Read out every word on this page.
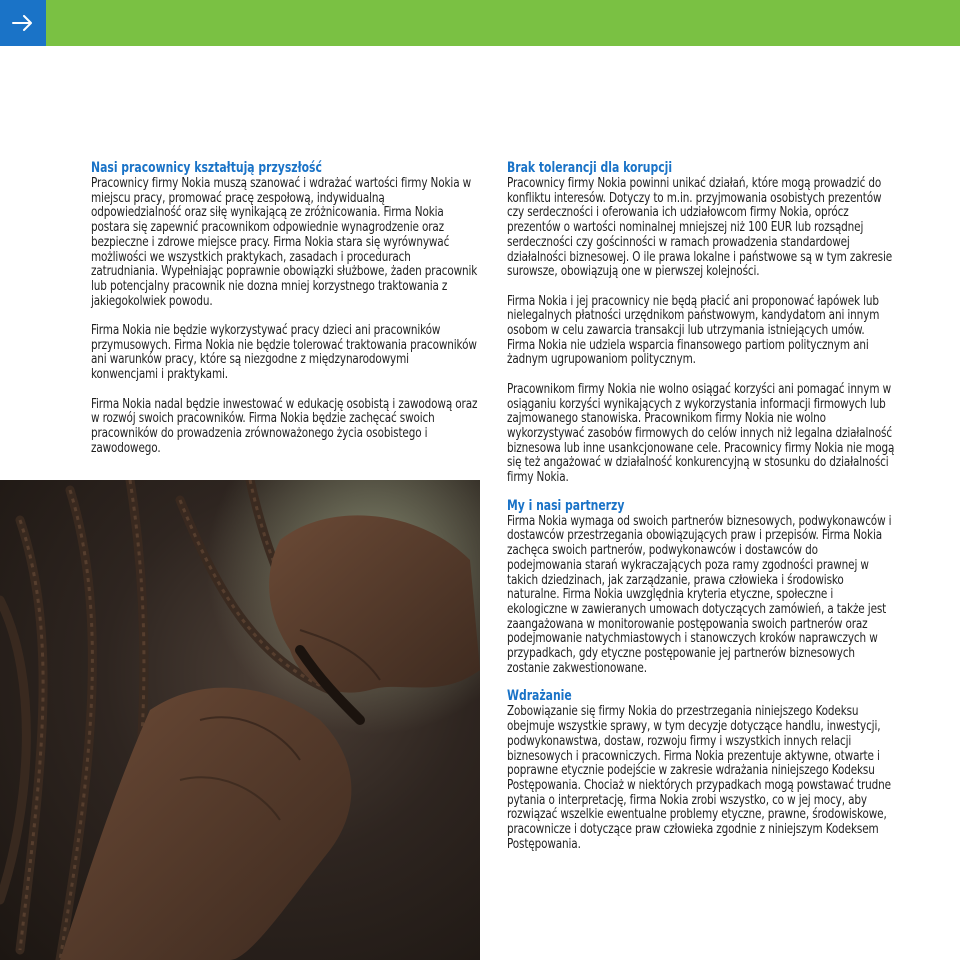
Nasi pracownicy kształtują przyszłość

Pracownicy firmy Nokia muszą szanować i wdrażać wartości firmy Nokia w miejscu pracy, promować pracę zespołową, indywidualną odpowiedzialność oraz siłę wynikającą ze zróżnicowania. Firma Nokia postara się zapewnić pracownikom odpowiednie wynagrodzenie oraz bezpieczne i zdrowe miejsce pracy. Firma Nokia stara się wyrównywać możliwości we wszystkich praktykach, zasadach i procedurach zatrudniania. Wypełniając poprawnie obowiązki służbowe, żaden pracownik lub potencjalny pracownik nie dozna mniej korzystnego traktowania z jakiegokolwiek powodu.

Firma Nokia nie będzie wykorzystywać pracy dzieci ani pracowników przymusowych. Firma Nokia nie będzie tolerować traktowania pracowników ani warunków pracy, które są niezgodne z międzynarodowymi konwencjami i praktykami.

Firma Nokia nadal będzie inwestować w edukację osobistą i zawodową oraz w rozwój swoich pracowników. Firma Nokia będzie zachęcać swoich pracowników do prowadzenia zrównoważonego życia osobistego i zawodowego.

Brak tolerancji dla korupcji

Pracownicy firmy Nokia powinni unikać działań, które mogą prowadzić do konfliktu interesów. Dotyczy to m.in. przyjmowania osobistych prezentów czy serdeczności i oferowania ich udziałowcom firmy Nokia, oprócz prezentów o wartości nominalnej mniejszej niż 100 EUR lub rozsądnej serdeczności czy gościnności w ramach prowadzenia standardowej działalności biznesowej. O ile prawa lokalne i państwowe są w tym zakresie surowsze, obowiązują one w pierwszej kolejności.

Firma Nokia i jej pracownicy nie będą płacić ani proponować łapówek lub nielegalnych płatności urzędnikom państwowym, kandydatom ani innym osobom w celu zawarcia transakcji lub utrzymania istniejących umów. Firma Nokia nie udziela wsparcia finansowego partiom politycznym ani żadnym ugrupowaniom politycznym.

Pracownikom firmy Nokia nie wolno osiągać korzyści ani pomagać innym w osiąganiu korzyści wynikających z wykorzystania informacji firmowych lub zajmowanego stanowiska. Pracownikom firmy Nokia nie wolno wykorzystywać zasobów firmowych do celów innych niż legalna działalność biznesowa lub inne usankcjonowane cele. Pracownicy firmy Nokia nie mogą się też angażować w działalność konkurencyjną w stosunku do działalności firmy Nokia.

My i nasi partnerzy

Firma Nokia wymaga od swoich partnerów biznesowych, podwykonawców i dostawców przestrzegania obowiązujących praw i przepisów. Firma Nokia zachęca swoich partnerów, podwykonawców i dostawców do podejmowania starań wykraczających poza ramy zgodności prawnej w takich dziedzinach, jak zarządzanie, prawa człowieka i środowisko naturalne. Firma Nokia uwzględnia kryteria etyczne, społeczne i ekologiczne w zawieranych umowach dotyczących zamówień, a także jest zaangażowana w monitorowanie postępowania swoich partnerów oraz podejmowanie natychmiastowych i stanowczych kroków naprawczych w przypadkach, gdy etyczne postępowanie jej partnerów biznesowych zostanie zakwestionowane.

Wdrażanie

Zobowiązanie się firmy Nokia do przestrzegania niniejszego Kodeksu obejmuje wszystkie sprawy, w tym decyzje dotyczące handlu, inwestycji, podwykonawstwa, dostaw, rozwoju firmy i wszystkich innych relacji biznesowych i pracowniczych. Firma Nokia prezentuje aktywne, otwarte i poprawne etycznie podejście w zakresie wdrażania niniejszego Kodeksu Postępowania. Chociaż w niektórych przypadkach mogą powstawać trudne pytania o interpretację, firma Nokia zrobi wszystko, co w jej mocy, aby rozwiązać wszelkie ewentualne problemy etyczne, prawne, środowiskowe, pracownicze i dotyczące praw człowieka zgodnie z niniejszym Kodeksem Postępowania.
